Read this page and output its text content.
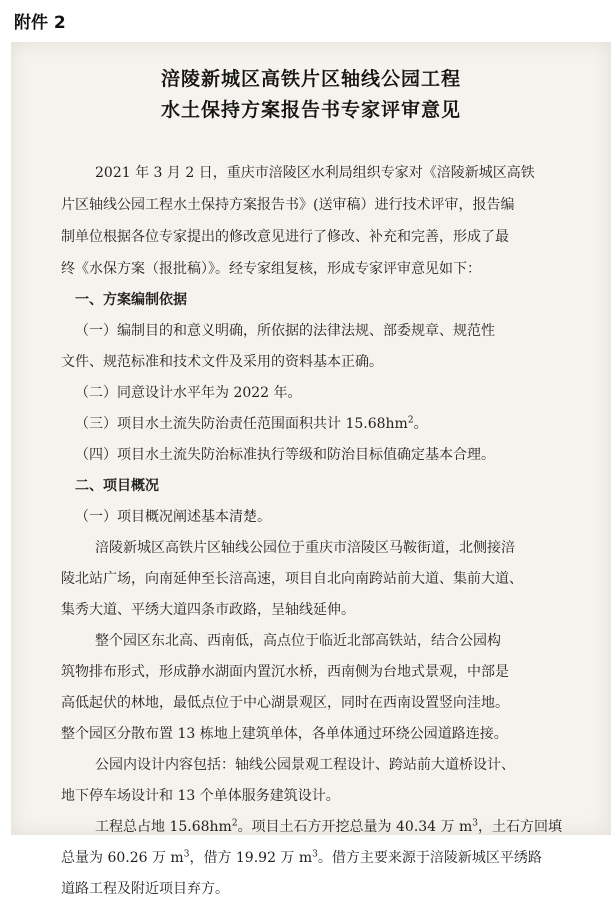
附件 2
涪陵新城区高铁片区轴线公园工程
水土保持方案报告书专家评审意见
2021 年 3 月 2 日，重庆市涪陵区水利局组织专家对《涪陵新城区高铁
片区轴线公园工程水土保持方案报告书》(送审稿）进行技术评审，报告编
制单位根据各位专家提出的修改意见进行了修改、补充和完善，形成了最
终《水保方案（报批稿）》。经专家组复核，形成专家评审意见如下：
一、方案编制依据
（一）编制目的和意义明确，所依据的法律法规、部委规章、规范性
文件、规范标准和技术文件及采用的资料基本正确。
（二）同意设计水平年为 2022 年。
（三）项目水土流失防治责任范围面积共计 $15.68hm^2$。
（四）项目水土流失防治标准执行等级和防治目标值确定基本合理。
二、项目概况
（一）项目概况阐述基本清楚。
涪陵新城区高铁片区轴线公园位于重庆市涪陵区马鞍街道，北侧接涪
陵北站广场，向南延伸至长涪高速，项目自北向南跨站前大道、集前大道、
集秀大道、平绣大道四条市政路，呈轴线延伸。
整个园区东北高、西南低，高点位于临近北部高铁站，结合公园构
筑物排布形式，形成静水湖面内置沉水桥，西南侧为台地式景观，中部是
高低起伏的林地，最低点位于中心湖景观区，同时在西南设置竖向洼地。
整个园区分散布置 13 栋地上建筑单体，各单体通过环绕公园道路连接。
公园内设计内容包括：轴线公园景观工程设计、跨站前大道桥设计、
地下停车场设计和 13 个单体服务建筑设计。
工程总占地 $15.68hm^2$。项目土石方开挖总量为 40.34 万 $m^3$，土石方回填
总量为 60.26 万 $m^3$，借方 19.92 万 $m^3$。借方主要来源于涪陵新城区平绣路
道路工程及附近项目弃方。
